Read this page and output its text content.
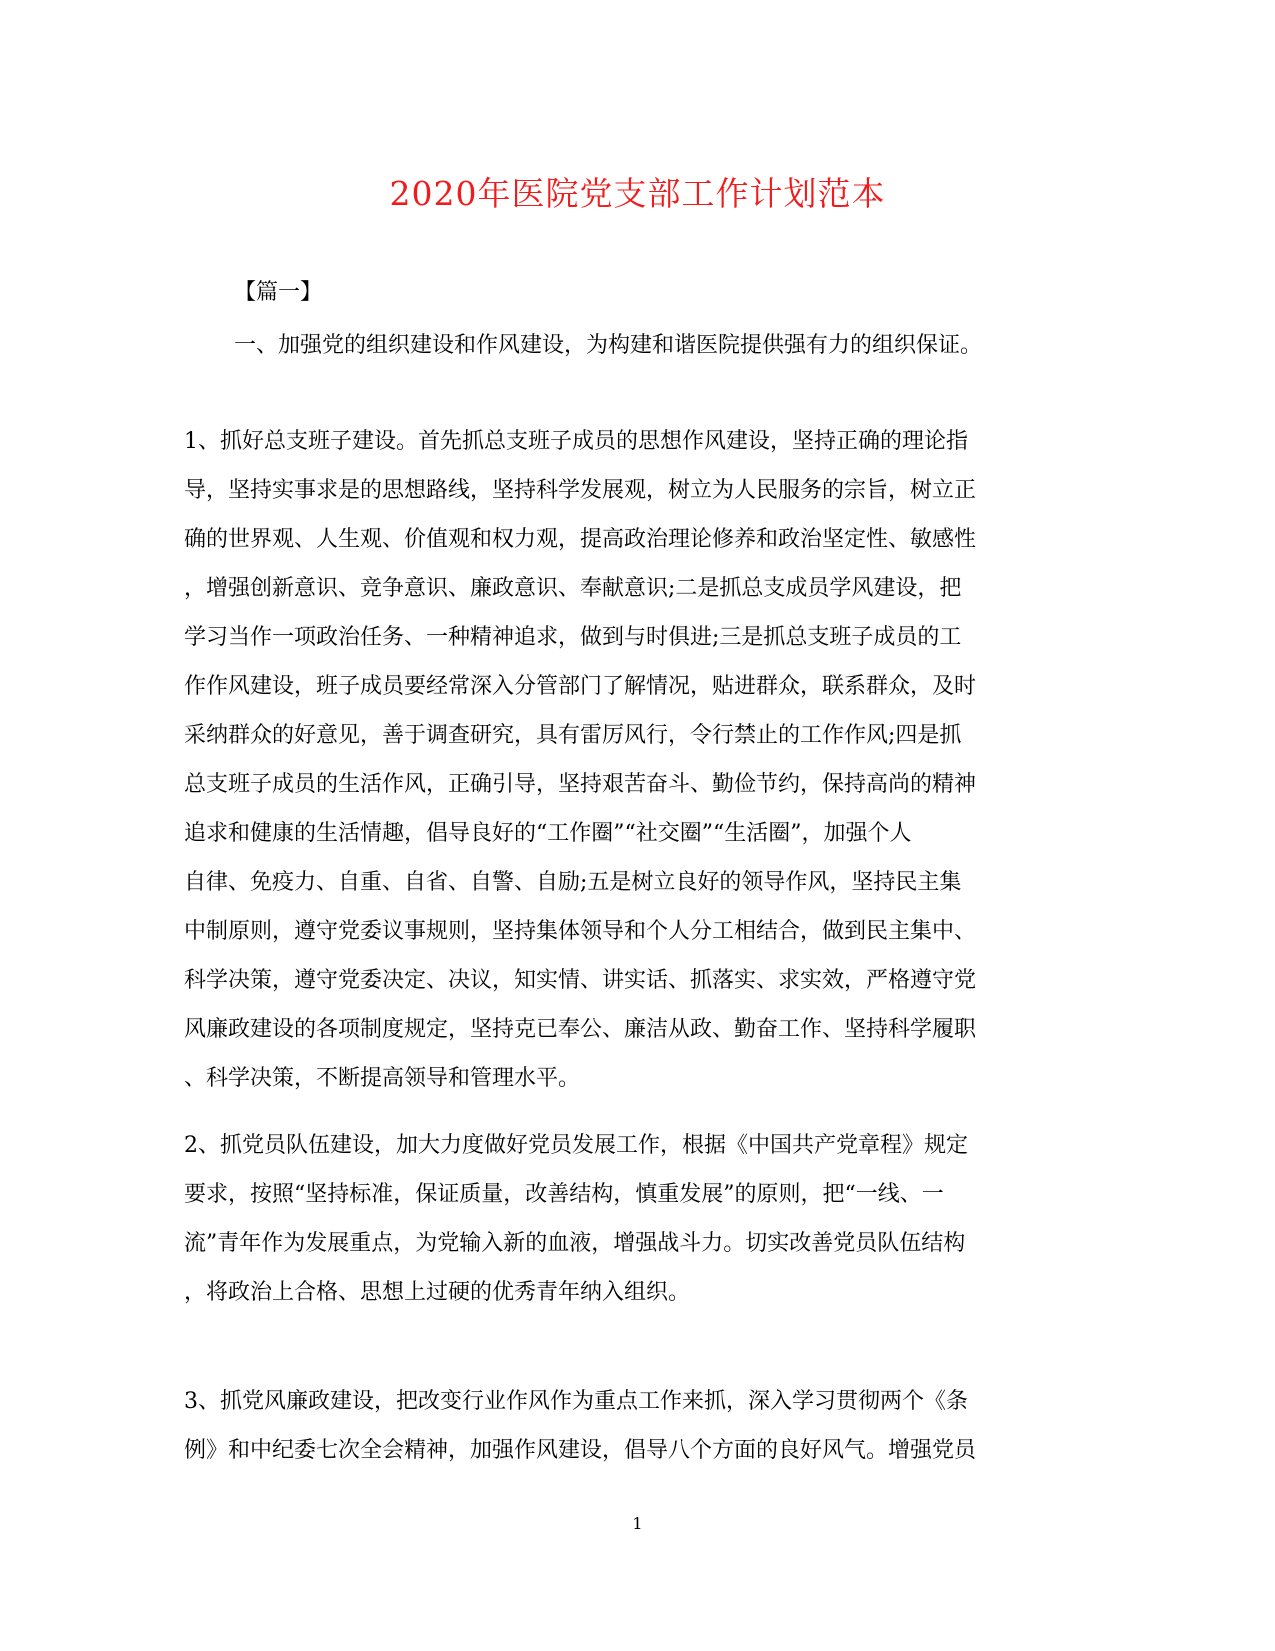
2020年医院党支部工作计划范本
【篇一】
一、加强党的组织建设和作风建设，为构建和谐医院提供强有力的组织保证。
1、抓好总支班子建设。首先抓总支班子成员的思想作风建设，坚持正确的理论指
导，坚持实事求是的思想路线，坚持科学发展观，树立为人民服务的宗旨，树立正
确的世界观、人生观、价值观和权力观，提高政治理论修养和政治坚定性、敏感性
，增强创新意识、竞争意识、廉政意识、奉献意识;二是抓总支成员学风建设，把
学习当作一项政治任务、一种精神追求，做到与时俱进;三是抓总支班子成员的工
作作风建设，班子成员要经常深入分管部门了解情况，贴进群众，联系群众，及时
采纳群众的好意见，善于调查研究，具有雷厉风行，令行禁止的工作作风;四是抓
总支班子成员的生活作风，正确引导，坚持艰苦奋斗、勤俭节约，保持高尚的精神
追求和健康的生活情趣，倡导良好的“工作圈”“社交圈”“生活圈”，加强个人
自律、免疫力、自重、自省、自警、自励;五是树立良好的领导作风，坚持民主集
中制原则，遵守党委议事规则，坚持集体领导和个人分工相结合，做到民主集中、
科学决策，遵守党委决定、决议，知实情、讲实话、抓落实、求实效，严格遵守党
风廉政建设的各项制度规定，坚持克已奉公、廉洁从政、勤奋工作、坚持科学履职
、科学决策，不断提高领导和管理水平。
2、抓党员队伍建设，加大力度做好党员发展工作，根据《中国共产党章程》规定
要求，按照“坚持标准，保证质量，改善结构，慎重发展”的原则，把“一线、一
流”青年作为发展重点，为党输入新的血液，增强战斗力。切实改善党员队伍结构
，将政治上合格、思想上过硬的优秀青年纳入组织。
3、抓党风廉政建设，把改变行业作风作为重点工作来抓，深入学习贯彻两个《条
例》和中纪委七次全会精神，加强作风建设，倡导八个方面的良好风气。增强党员
1
